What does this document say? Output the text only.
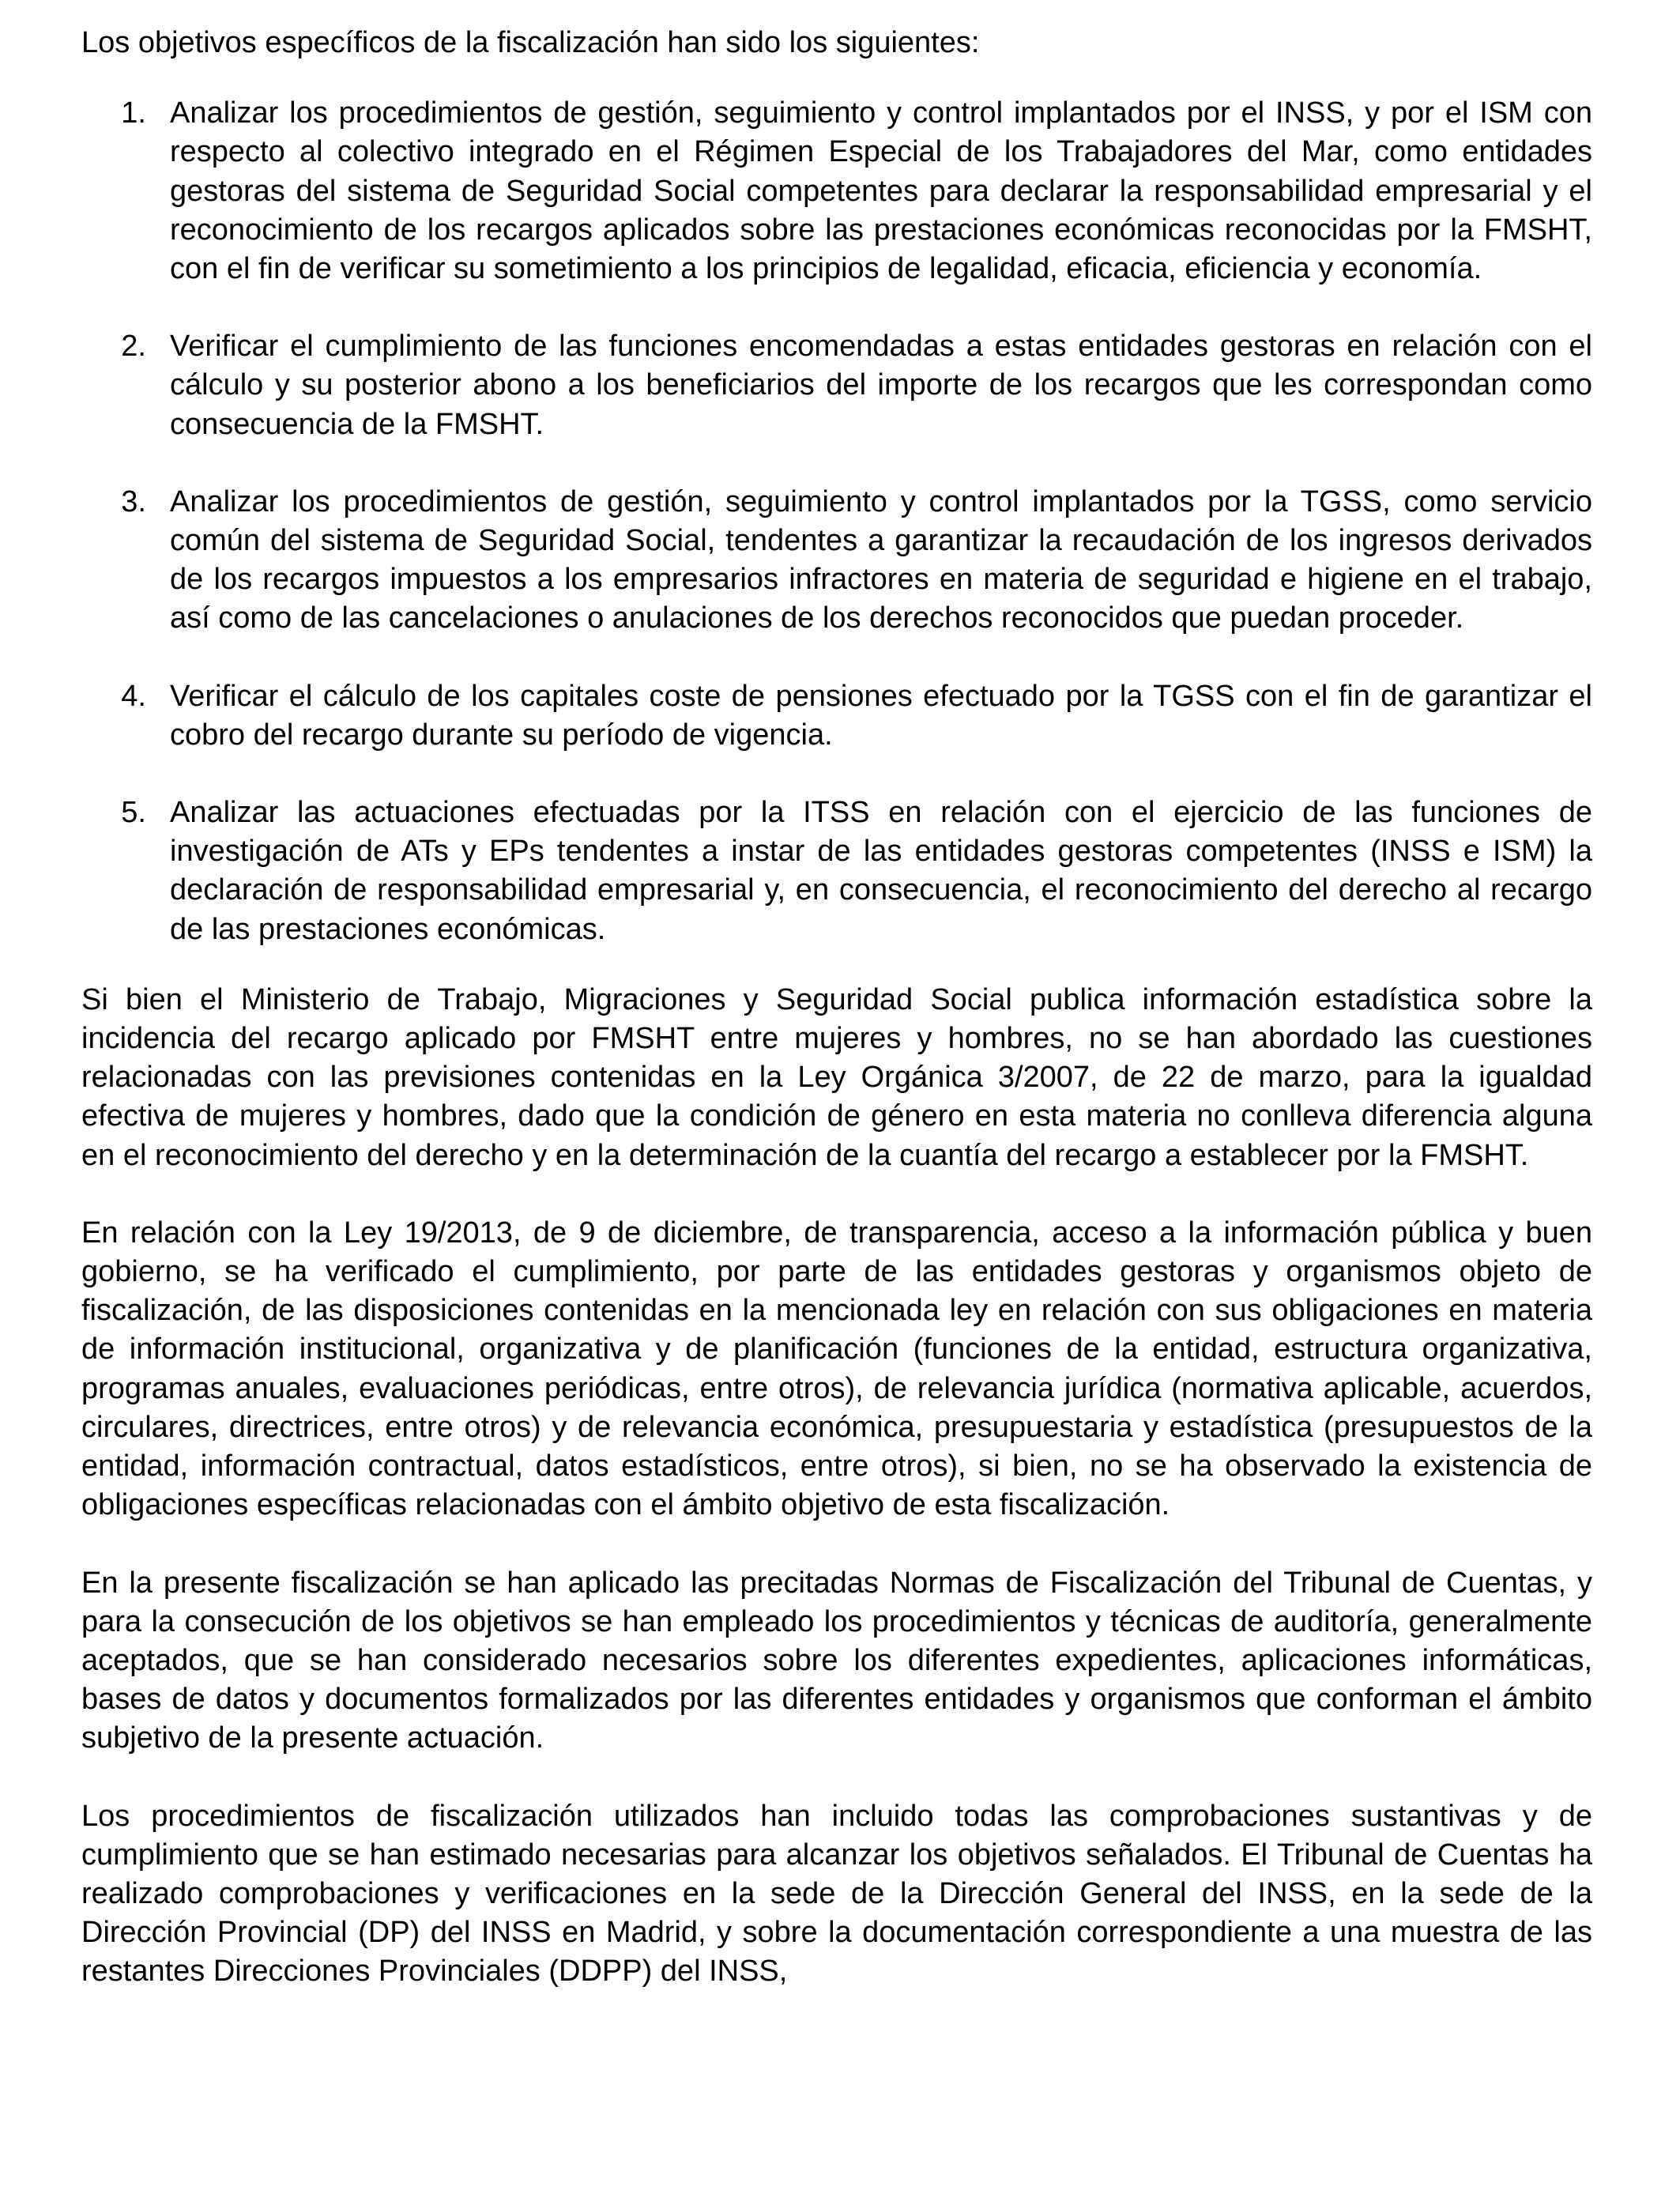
Los objetivos específicos de la fiscalización han sido los siguientes:

1. Analizar los procedimientos de gestión, seguimiento y control implantados por el INSS, y por el ISM con respecto al colectivo integrado en el Régimen Especial de los Trabajadores del Mar, como entidades gestoras del sistema de Seguridad Social competentes para declarar la responsabilidad empresarial y el reconocimiento de los recargos aplicados sobre las prestaciones económicas reconocidas por la FMSHT, con el fin de verificar su sometimiento a los principios de legalidad, eficacia, eficiencia y economía.
2. Verificar el cumplimiento de las funciones encomendadas a estas entidades gestoras en relación con el cálculo y su posterior abono a los beneficiarios del importe de los recargos que les correspondan como consecuencia de la FMSHT.
3. Analizar los procedimientos de gestión, seguimiento y control implantados por la TGSS, como servicio común del sistema de Seguridad Social, tendentes a garantizar la recaudación de los ingresos derivados de los recargos impuestos a los empresarios infractores en materia de seguridad e higiene en el trabajo, así como de las cancelaciones o anulaciones de los derechos reconocidos que puedan proceder.
4. Verificar el cálculo de los capitales coste de pensiones efectuado por la TGSS con el fin de garantizar el cobro del recargo durante su período de vigencia.
5. Analizar las actuaciones efectuadas por la ITSS en relación con el ejercicio de las funciones de investigación de ATs y EPs tendentes a instar de las entidades gestoras competentes (INSS e ISM) la declaración de responsabilidad empresarial y, en consecuencia, el reconocimiento del derecho al recargo de las prestaciones económicas.

Si bien el Ministerio de Trabajo, Migraciones y Seguridad Social publica información estadística sobre la incidencia del recargo aplicado por FMSHT entre mujeres y hombres, no se han abordado las cuestiones relacionadas con las previsiones contenidas en la Ley Orgánica 3/2007, de 22 de marzo, para la igualdad efectiva de mujeres y hombres, dado que la condición de género en esta materia no conlleva diferencia alguna en el reconocimiento del derecho y en la determinación de la cuantía del recargo a establecer por la FMSHT.

En relación con la Ley 19/2013, de 9 de diciembre, de transparencia, acceso a la información pública y buen gobierno, se ha verificado el cumplimiento, por parte de las entidades gestoras y organismos objeto de fiscalización, de las disposiciones contenidas en la mencionada ley en relación con sus obligaciones en materia de información institucional, organizativa y de planificación (funciones de la entidad, estructura organizativa, programas anuales, evaluaciones periódicas, entre otros), de relevancia jurídica (normativa aplicable, acuerdos, circulares, directrices, entre otros) y de relevancia económica, presupuestaria y estadística (presupuestos de la entidad, información contractual, datos estadísticos, entre otros), si bien, no se ha observado la existencia de obligaciones específicas relacionadas con el ámbito objetivo de esta fiscalización.

En la presente fiscalización se han aplicado las precitadas Normas de Fiscalización del Tribunal de Cuentas, y para la consecución de los objetivos se han empleado los procedimientos y técnicas de auditoría, generalmente aceptados, que se han considerado necesarios sobre los diferentes expedientes, aplicaciones informáticas, bases de datos y documentos formalizados por las diferentes entidades y organismos que conforman el ámbito subjetivo de la presente actuación.

Los procedimientos de fiscalización utilizados han incluido todas las comprobaciones sustantivas y de cumplimiento que se han estimado necesarias para alcanzar los objetivos señalados. El Tribunal de Cuentas ha realizado comprobaciones y verificaciones en la sede de la Dirección General del INSS, en la sede de la Dirección Provincial (DP) del INSS en Madrid, y sobre la documentación correspondiente a una muestra de las restantes Direcciones Provinciales (DDPP) del INSS,
